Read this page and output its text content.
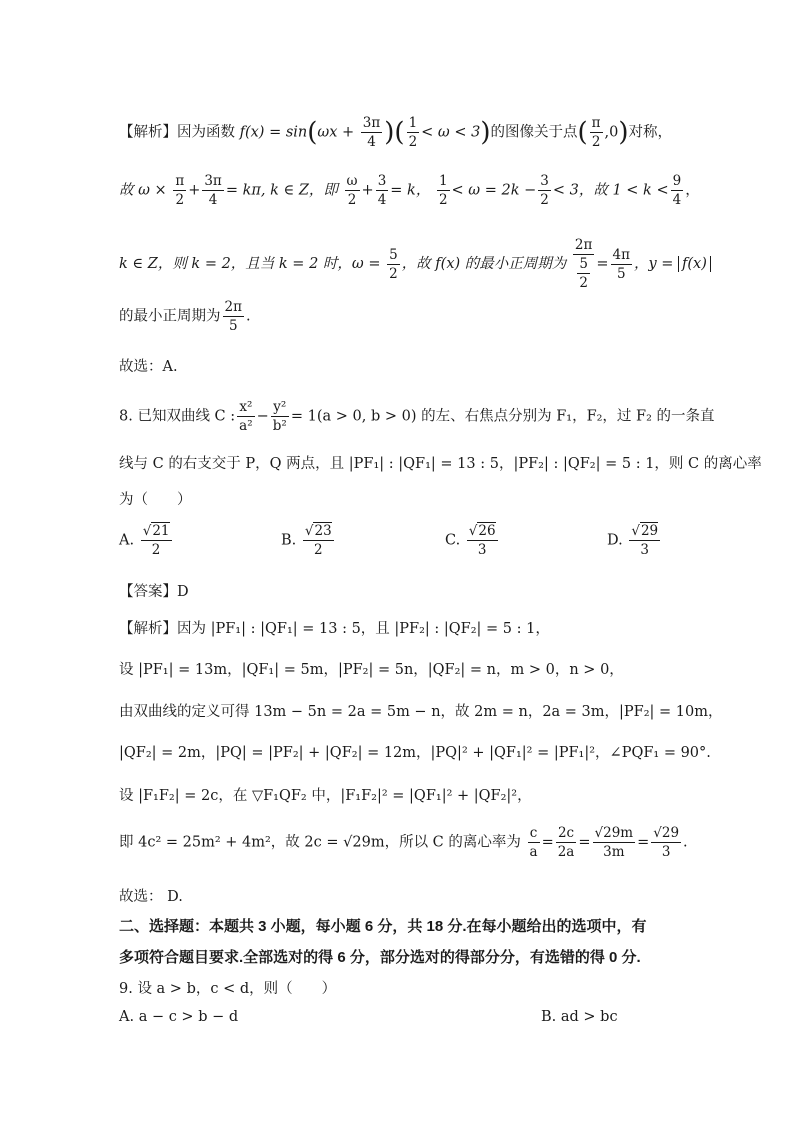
【解析】因为函数 $f(x) = \sin(\omega x + \frac{3\pi}{4}$ )( $\frac{1}{2} < \omega < 3$)的图像关于点( $\frac{\pi}{2} ,0$)对称，
故 $\omega \times \frac{\pi}{2} + \frac{3\pi}{4} = k\pi$, k ∈ Z，即 $\frac{\omega}{2} + \frac{3}{4} = k$， $\frac{1}{2} < \omega = 2k - \frac{3}{2} < 3$，故 $1 < k < \frac{9}{4}$ ，
k ∈ Z，则 k = 2，且当 k = 2 时，$\omega = \frac{5}{2}$ ，故 f(x) 的最小正周期为 $\frac{2\pi}{\frac{5}{2}} = \frac{4\pi}{5}$ ，y = f(x)
的最小正周期为 $\frac{2\pi}{5}$ .
故选：A.
8. 已知双曲线 C : $\frac{\text{x²}}{\text{a²}} - \frac{\text{y²}}{\text{b²}} = 1(a > 0$, b > 0) 的左、右焦点分别为 F₁，F₂，过 F₂ 的一条直
线与 C 的右支交于 P，Q 两点，且 |PF₁| : |QF₁| = 13 : 5，|PF₂| : |QF₂| = 5 : 1，则 C 的离心率
为（　　）
A. $\frac{√21}{2}$	B. $\frac{√23}{2}$	C. $\frac{√26}{3}$	D. $\frac{√29}{3}$
【答案】D
【解析】因为 |PF₁| : |QF₁| = 13 : 5，且 |PF₂| : |QF₂| = 5 : 1，
设 |PF₁| = 13m，|QF₁| = 5m，|PF₂| = 5n，|QF₂| = n，m > 0，n > 0，
由双曲线的定义可得 13m − 5n = 2a = 5m − n，故 2m = n，2a = 3m，|PF₂| = 10m，
|QF₂| = 2m，|PQ| = |PF₂| + |QF₂| = 12m，|PQ|² + |QF₁|² = |PF₁|²，∠PQF₁ = 90°.
设 |F₁F₂| = 2c，在 ▽F₁QF₂ 中，|F₁F₂|² = |QF₁|² + |QF₂|²，
即 4c² = 25m² + 4m²，故 2c = √29m，所以 C 的离心率为 $\frac{c}{a} = \frac{2c}{2a} = \frac{√29m}{3m} = \frac{√29}{3}$ .
故选： D.
二、选择题：本题共 3 小题，每小题 6 分，共 18 分.在每小题给出的选项中，有
多项符合题目要求.全部选对的得 6 分，部分选对的得部分分，有选错的得 0 分.
9. 设 a > b，c < d，则（　　）
A. a − c > b − d	B. ad > bc
